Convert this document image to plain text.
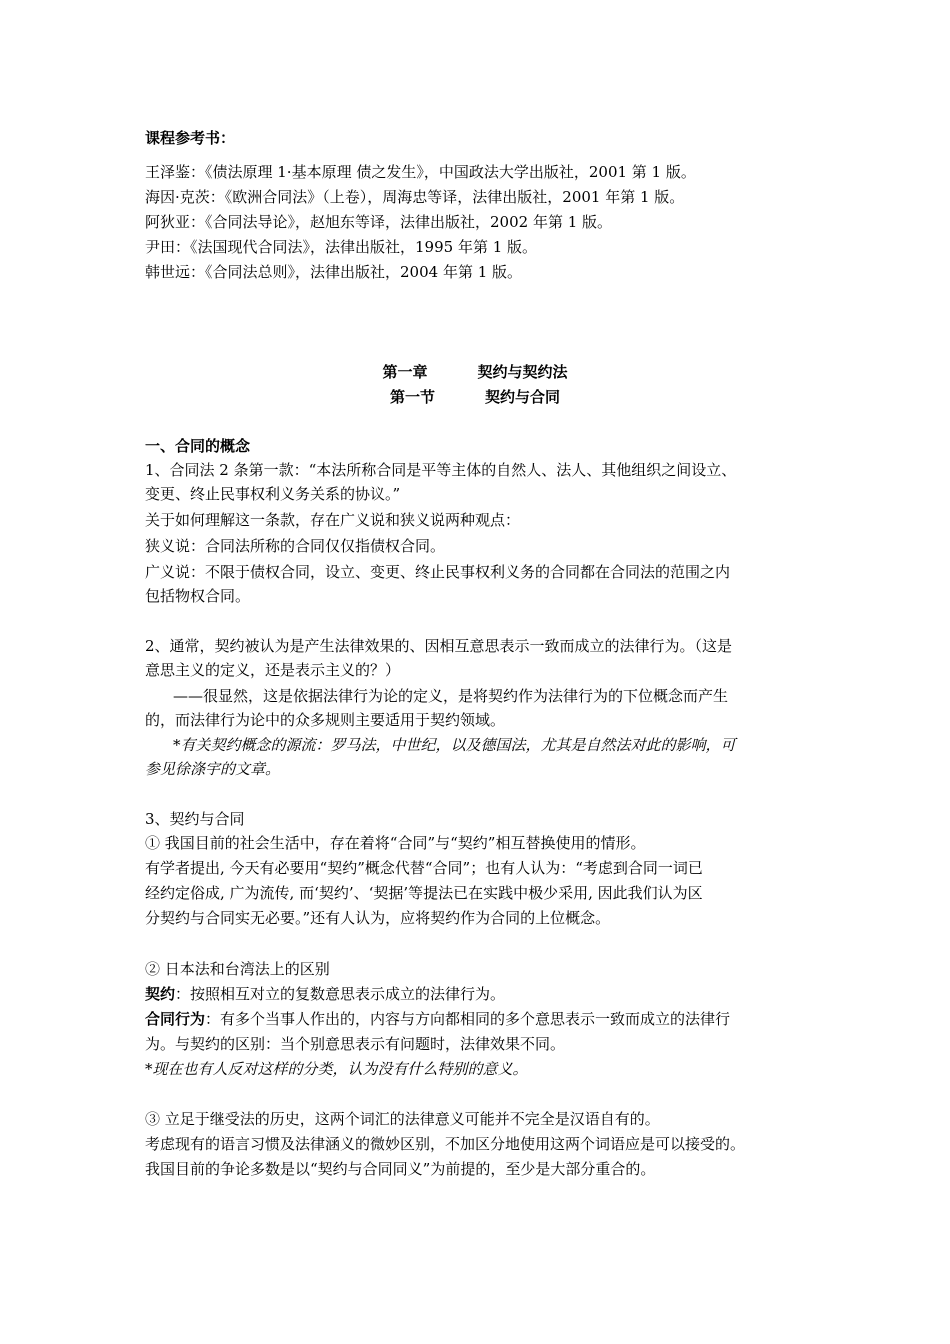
课程参考书：
王泽鉴：《债法原理 1·基本原理 债之发生》，中国政法大学出版社，2001 第 1 版。
海因·克茨：《欧洲合同法》（上卷），周海忠等译，法律出版社，2001 年第 1 版。
阿狄亚：《合同法导论》，赵旭东等译，法律出版社，2002 年第 1 版。
尹田：《法国现代合同法》，法律出版社，1995 年第 1 版。
韩世远：《合同法总则》，法律出版社，2004 年第 1 版。
第一章	契约与契约法
第一节	契约与合同
一、合同的概念
1、合同法 2 条第一款：“本法所称合同是平等主体的自然人、法人、其他组织之间设立、
变更、终止民事权利义务关系的协议。”
关于如何理解这一条款，存在广义说和狭义说两种观点：
狭义说：合同法所称的合同仅仅指债权合同。
广义说：不限于债权合同，设立、变更、终止民事权利义务的合同都在合同法的范围之内
包括物权合同。
2、通常，契约被认为是产生法律效果的、因相互意思表示一致而成立的法律行为。（这是
意思主义的定义，还是表示主义的？）
——很显然，这是依据法律行为论的定义，是将契约作为法律行为的下位概念而产生
的，而法律行为论中的众多规则主要适用于契约领域。
*有关契约概念的源流：罗马法，中世纪，以及德国法，尤其是自然法对此的影响，可
参见徐涤宇的文章。
3、契约与合同
① 我国目前的社会生活中，存在着将“合同”与“契约”相互替换使用的情形。
有学者提出, 今天有必要用“契约”概念代替“合同”；也有人认为：“考虑到合同一词已
经约定俗成, 广为流传, 而‘契约’、‘契据’等提法已在实践中极少采用, 因此我们认为区
分契约与合同实无必要。”还有人认为，应将契约作为合同的上位概念。
② 日本法和台湾法上的区别
契约：按照相互对立的复数意思表示成立的法律行为。
合同行为：有多个当事人作出的，内容与方向都相同的多个意思表示一致而成立的法律行
为。与契约的区别：当个别意思表示有问题时，法律效果不同。
*现在也有人反对这样的分类，认为没有什么特别的意义。
③ 立足于继受法的历史，这两个词汇的法律意义可能并不完全是汉语自有的。
考虑现有的语言习惯及法律涵义的微妙区别，不加区分地使用这两个词语应是可以接受的。
我国目前的争论多数是以“契约与合同同义”为前提的，至少是大部分重合的。
